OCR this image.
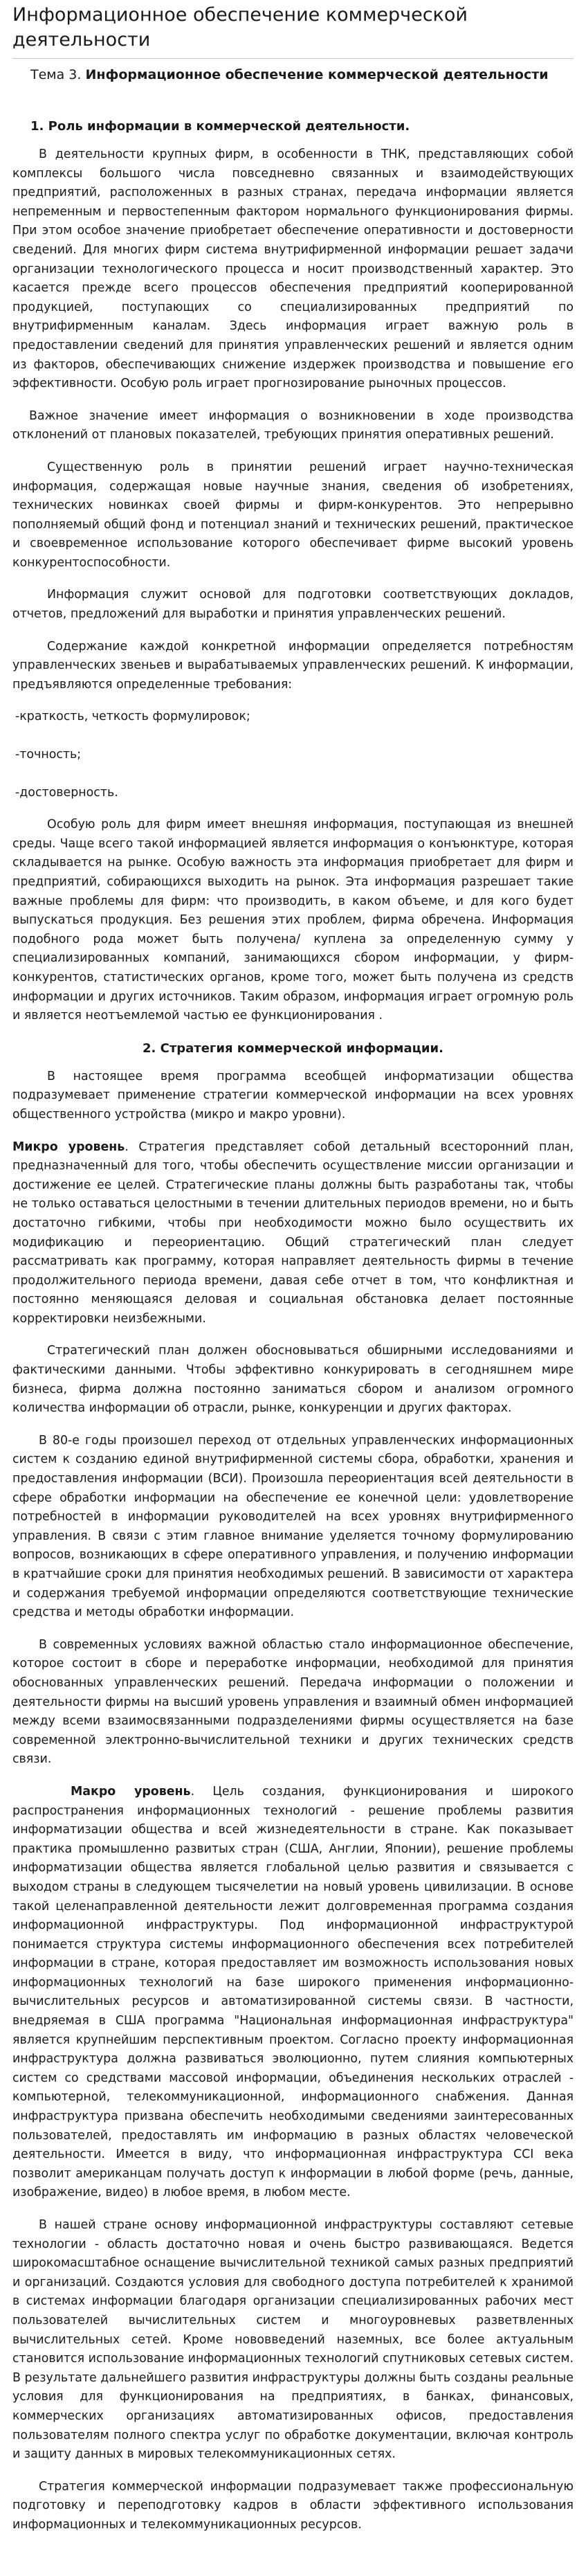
Информационное обеспечение коммерческой деятельности
Тема 3. Информационное обеспечение коммерческой деятельности
1. Роль информации в коммерческой деятельности.

В деятельности крупных фирм, в особенности в ТНК, представляющих собой комплексы большого числа повседневно связанных и взаимодействующих предприятий, расположенных в разных странах, передача информации является непременным и первостепенным фактором нормального функционирования фирмы. При этом особое значение приобретает обеспечение оперативности и достоверности сведений. Для многих фирм система внутрифирменной информации решает задачи организации технологического процесса и носит производственный характер. Это касается прежде всего процессов обеспечения предприятий кооперированной продукцией, поступающих со специализированных предприятий по внутрифирменным каналам. Здесь информация играет важную роль в предоставлении сведений для принятия управленческих решений и является одним из факторов, обеспечивающих снижение издержек производства и повышение его эффективности. Особую роль играет прогнозирование рыночных процессов.

Важное значение имеет информация о возникновении в ходе производства отклонений от плановых показателей, требующих принятия оперативных решений.

Существенную роль в принятии решений играет научно-техническая информация, содержащая новые научные знания, сведения об изобретениях, технических новинках своей фирмы и фирм-конкурентов. Это непрерывно пополняемый общий фонд и потенциал знаний и технических решений, практическое и своевременное использование которого обеспечивает фирме высокий уровень конкурентоспособности.

Информация служит основой для подготовки соответствующих докладов, отчетов, предложений для выработки и принятия управленческих решений.

Содержание каждой конкретной информации определяется потребностям управленческих звеньев и вырабатываемых управленческих решений. К информации, предъявляются определенные требования:

-краткость, четкость формулировок;
-точность;
-достоверность.

Особую роль для фирм имеет внешняя информация, поступающая из внешней среды. Чаще всего такой информацией является информация о конъюнктуре, которая складывается на рынке. Особую важность эта информация приобретает для фирм и предприятий, собирающихся выходить на рынок. Эта информация разрешает такие важные проблемы для фирм: что производить, в каком объеме, и для кого будет выпускаться продукция. Без решения этих проблем, фирма обречена. Информация подобного рода может быть получена/ куплена за определенную сумму у специализированных компаний, занимающихся сбором информации, у фирм-конкурентов, статистических органов, кроме того, может быть получена из средств информации и других источников. Таким образом, информация играет огромную роль и является неотъемлемой частью ее функционирования .

2. Стратегия коммерческой информации.

В настоящее время программа всеобщей информатизации общества подразумевает применение стратегии коммерческой информации на всех уровнях общественного устройства (микро и макро уровни).

Микро уровень. Стратегия представляет собой детальный всесторонний план, предназначенный для того, чтобы обеспечить осуществление миссии организации и достижение ее целей. Стратегические планы должны быть разработаны так, чтобы не только оставаться целостными в течении длительных периодов времени, но и быть достаточно гибкими, чтобы при необходимости можно было осуществить их модификацию и переориентацию. Общий стратегический план следует рассматривать как программу, которая направляет деятельность фирмы в течение продолжительного периода времени, давая себе отчет в том, что конфликтная и постоянно меняющаяся деловая и социальная обстановка делает постоянные корректировки неизбежными.

Стратегический план должен обосновываться обширными исследованиями и фактическими данными. Чтобы эффективно конкурировать в сегодняшнем мире бизнеса, фирма должна постоянно заниматься сбором и анализом огромного количества информации об отрасли, рынке, конкуренции и других факторах.

В 80-е годы произошел переход от отдельных управленческих информационных систем к созданию единой внутрифирменной системы сбора, обработки, хранения и предоставления информации (ВСИ). Произошла переориентация всей деятельности в сфере обработки информации на обеспечение ее конечной цели: удовлетворение потребностей в информации руководителей на всех уровнях внутрифирменного управления. В связи с этим главное внимание уделяется точному формулированию вопросов, возникающих в сфере оперативного управления, и получению информации в кратчайшие сроки для принятия необходимых решений. В зависимости от характера и содержания требуемой информации определяются соответствующие технические средства и методы обработки информации.

В современных условиях важной областью стало информационное обеспечение, которое состоит в сборе и переработке информации, необходимой для принятия обоснованных управленческих решений. Передача информации о положении и деятельности фирмы на высший уровень управления и взаимный обмен информацией между всеми взаимосвязанными подразделениями фирмы осуществляется на базе современной электронно-вычислительной техники и других технических средств связи.

Макро уровень. Цель создания, функционирования и широкого распространения информационных технологий - решение проблемы развития информатизации общества и всей жизнедеятельности в стране. Как показывает практика промышленно развитых стран (США, Англии, Японии), решение проблемы информатизации общества является глобальной целью развития и связывается с выходом страны в следующем тысячелетии на новый уровень цивилизации. В основе такой целенаправленной деятельности лежит долговременная программа создания информационной инфраструктуры. Под информационной инфраструктурой понимается структура системы информационного обеспечения всех потребителей информации в стране, которая предоставляет им возможность использования новых информационных технологий на базе широкого применения информационно-вычислительных ресурсов и автоматизированной системы связи. В частности, внедряемая в США программа "Национальная информационная инфраструктура" является крупнейшим перспективным проектом. Согласно проекту информационная инфраструктура должна развиваться эволюционно, путем слияния компьютерных систем со средствами массовой информации, объединения нескольких отраслей - компьютерной, телекоммуникационной, информационного снабжения. Данная инфраструктура призвана обеспечить необходимыми сведениями заинтересованных пользователей, предоставлять им информацию в разных областях человеческой деятельности. Имеется в виду, что информационная инфраструктура CCI века позволит американцам получать доступ к информации в любой форме (речь, данные, изображение, видео) в любое время, в любом месте.

В нашей стране основу информационной инфраструктуры составляют сетевые технологии - область достаточно новая и очень быстро развивающаяся. Ведется широкомасштабное оснащение вычислительной техникой самых разных предприятий и организаций. Создаются условия для свободного доступа потребителей к хранимой в системах информации благодаря организации специализированных рабочих мест пользователей вычислительных систем и многоуровневых разветвленных вычислительных сетей. Кроме нововведений наземных, все более актуальным становится использование информационных технологий спутниковых сетевых систем. В результате дальнейшего развития инфраструктуры должны быть созданы реальные условия для функционирования на предприятиях, в банках, финансовых, коммерческих организациях автоматизированных офисов, предоставления пользователям полного спектра услуг по обработке документации, включая контроль и защиту данных в мировых телекоммуникационных сетях.

Стратегия коммерческой информации подразумевает также профессиональную подготовку и переподготовку кадров в области эффективного использования информационных и телекоммуникационных ресурсов.
